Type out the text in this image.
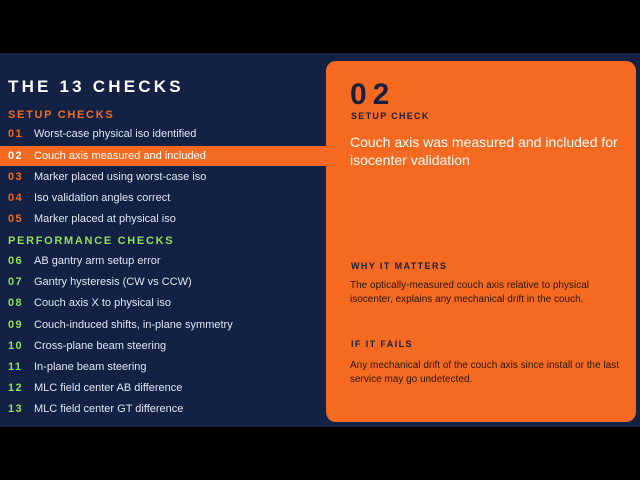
THE 13 CHECKS
SETUP CHECKS
01 Worst-case physical iso identified
02 Couch axis measured and included
03 Marker placed using worst-case iso
04 Iso validation angles correct
05 Marker placed at physical iso
PERFORMANCE CHECKS
06 AB gantry arm setup error
07 Gantry hysteresis (CW vs CCW)
08 Couch axis X to physical iso
09 Couch-induced shifts, in-plane symmetry
10 Cross-plane beam steering
11 In-plane beam steering
12 MLC field center AB difference
13 MLC field center GT difference
02
SETUP CHECK

Couch axis was measured and included for isocenter validation

WHY IT MATTERS

The optically-measured couch axis relative to physical isocenter, explains any mechanical drift in the couch.

IF IT FAILS

Any mechanical drift of the couch axis since install or the last service may go undetected.
